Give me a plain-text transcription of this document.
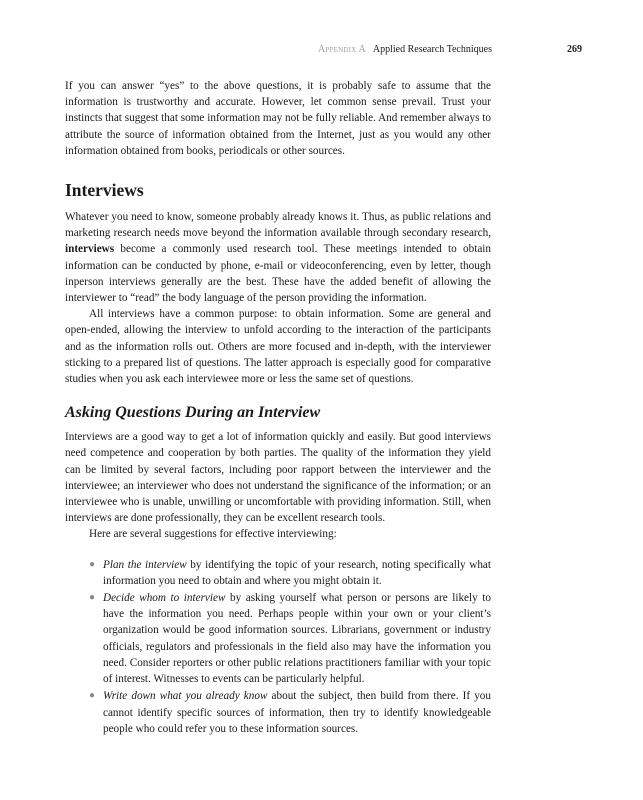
Appendix A Applied Research Techniques	269

If you can answer “yes” to the above questions, it is probably safe to assume that the information is trustworthy and accurate. However, let common sense prevail. Trust your instincts that suggest that some information may not be fully reliable. And remember always to attribute the source of information obtained from the Internet, just as you would any other information obtained from books, periodicals or other sources.

Interviews

Whatever you need to know, someone probably already knows it. Thus, as public relations and marketing research needs move beyond the information available through secondary research, interviews become a commonly used research tool. These meetings intended to obtain information can be conducted by phone, e-mail or videoconferencing, even by letter, though inperson interviews generally are the best. These have the added benefit of allowing the interviewer to “read” the body language of the person providing the information.

All interviews have a common purpose: to obtain information. Some are general and open-ended, allowing the interview to unfold according to the interaction of the participants and as the information rolls out. Others are more focused and in-depth, with the interviewer sticking to a prepared list of questions. The latter approach is especially good for comparative studies when you ask each interviewee more or less the same set of questions.

Asking Questions During an Interview

Interviews are a good way to get a lot of information quickly and easily. But good interviews need competence and cooperation by both parties. The quality of the information they yield can be limited by several factors, including poor rapport between the interviewer and the interviewee; an interviewer who does not understand the significance of the information; or an interviewee who is unable, unwilling or uncomfortable with providing information. Still, when interviews are done professionally, they can be excellent research tools.

Here are several suggestions for effective interviewing:

● Plan the interview by identifying the topic of your research, noting specifically what information you need to obtain and where you might obtain it.
● Decide whom to interview by asking yourself what person or persons are likely to have the information you need. Perhaps people within your own or your client’s organization would be good information sources. Librarians, government or industry officials, regulators and professionals in the field also may have the information you need. Consider reporters or other public relations practitioners familiar with your topic of interest. Witnesses to events can be particularly helpful.
● Write down what you already know about the subject, then build from there. If you cannot identify specific sources of information, then try to identify knowledgeable people who could refer you to these information sources.
